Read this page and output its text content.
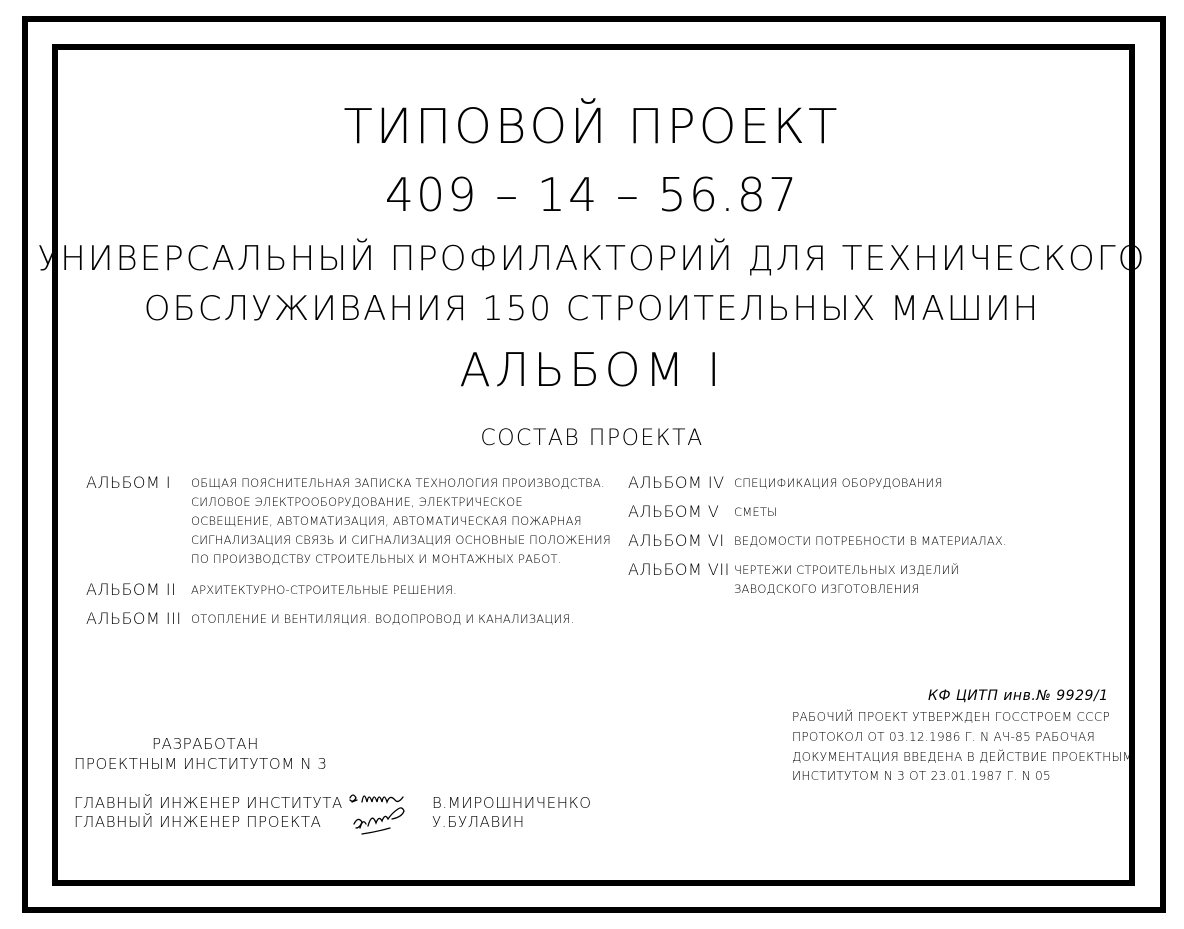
ТИПОВОЙ ПРОЕКТ
409 – 14 – 56.87
УНИВЕРСАЛЬНЫЙ ПРОФИЛАКТОРИЙ ДЛЯ ТЕХНИЧЕСКОГО
ОБСЛУЖИВАНИЯ 150 СТРОИТЕЛЬНЫХ МАШИН
АЛЬБОМ I
СОСТАВ ПРОЕКТА
АЛЬБОМ I ОБЩАЯ ПОЯСНИТЕЛЬНАЯ ЗАПИСКА ТЕХНОЛОГИЯ ПРОИЗВОДСТВА.
СИЛОВОЕ ЭЛЕКТРООБОРУДОВАНИЕ, ЭЛЕКТРИЧЕСКОЕ
ОСВЕЩЕНИЕ, АВТОМАТИЗАЦИЯ, АВТОМАТИЧЕСКАЯ ПОЖАРНАЯ
СИГНАЛИЗАЦИЯ СВЯЗЬ И СИГНАЛИЗАЦИЯ ОСНОВНЫЕ ПОЛОЖЕНИЯ
ПО ПРОИЗВОДСТВУ СТРОИТЕЛЬНЫХ И МОНТАЖНЫХ РАБОТ.
АЛЬБОМ II АРХИТЕКТУРНО-СТРОИТЕЛЬНЫЕ РЕШЕНИЯ.
АЛЬБОМ III ОТОПЛЕНИЕ И ВЕНТИЛЯЦИЯ. ВОДОПРОВОД И КАНАЛИЗАЦИЯ.
АЛЬБОМ IV СПЕЦИФИКАЦИЯ ОБОРУДОВАНИЯ
АЛЬБОМ V СМЕТЫ
АЛЬБОМ VI ВЕДОМОСТИ ПОТРЕБНОСТИ В МАТЕРИАЛАХ.
АЛЬБОМ VII ЧЕРТЕЖИ СТРОИТЕЛЬНЫХ ИЗДЕЛИЙ
ЗАВОДСКОГО ИЗГОТОВЛЕНИЯ
КФ ЦИТП инв.№ 9929/1
РАБОЧИЙ ПРОЕКТ УТВЕРЖДЕН ГОССТРОЕМ СССР
ПРОТОКОЛ ОТ 03.12.1986 Г. N АЧ-85 РАБОЧАЯ
ДОКУМЕНТАЦИЯ ВВЕДЕНА В ДЕЙСТВИЕ ПРОЕКТНЫМ
ИНСТИТУТОМ N 3 ОТ 23.01.1987 Г. N 05
РАЗРАБОТАН
ПРОЕКТНЫМ ИНСТИТУТОМ N 3
ГЛАВНЫЙ ИНЖЕНЕР ИНСТИТУТА
ГЛАВНЫЙ ИНЖЕНЕР ПРОЕКТА
В.МИРОШНИЧЕНКО
У.БУЛАВИН
